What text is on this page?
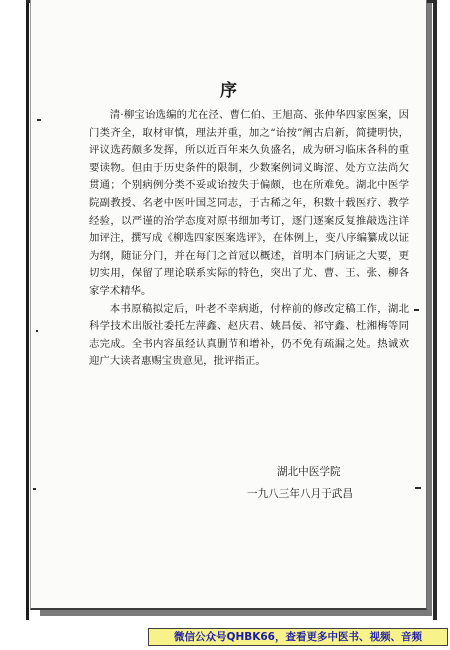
序

清·柳宝诒选编的尤在泾、曹仁伯、王旭高、张仲华四家医案，因门类齐全，取材审慎，理法并重，加之“诒按”阐古启新，简捷明快，评议选药颇多发挥，所以近百年来久负盛名，成为研习临床各科的重要读物。但由于历史条件的限制，少数案例词义晦涩、处方立法尚欠贯通；个别病例分类不妥或诒按失于偏颇，也在所难免。湖北中医学院副教授、名老中医叶国芝同志，于古稀之年，积数十载医疗、教学经验，以严谨的治学态度对原书细加考订，逐门逐案反复推敲选注详加评注，撰写成《柳选四家医案选评》，在体例上，变八序编纂成以证为纲，随证分门，并在每门之首冠以概述，首明本门病证之大要，更切实用，保留了理论联系实际的特色，突出了尤、曹、王、张、柳各家学术精华。

本书原稿拟定后，叶老不幸病逝，付梓前的修改定稿工作，湖北科学技术出版社委托左萍鑫、赵庆君、姚昌佞、祁守鑫、杜湘梅等同志完成。全书内容虽经认真删节和增补，仍不免有疏漏之处。热诚欢迎广大读者惠赐宝贵意见，批评指正。

湖北中医学院
一九八三年八月于武昌
微信公众号QHBK66，查看更多中医书、视频、音频
